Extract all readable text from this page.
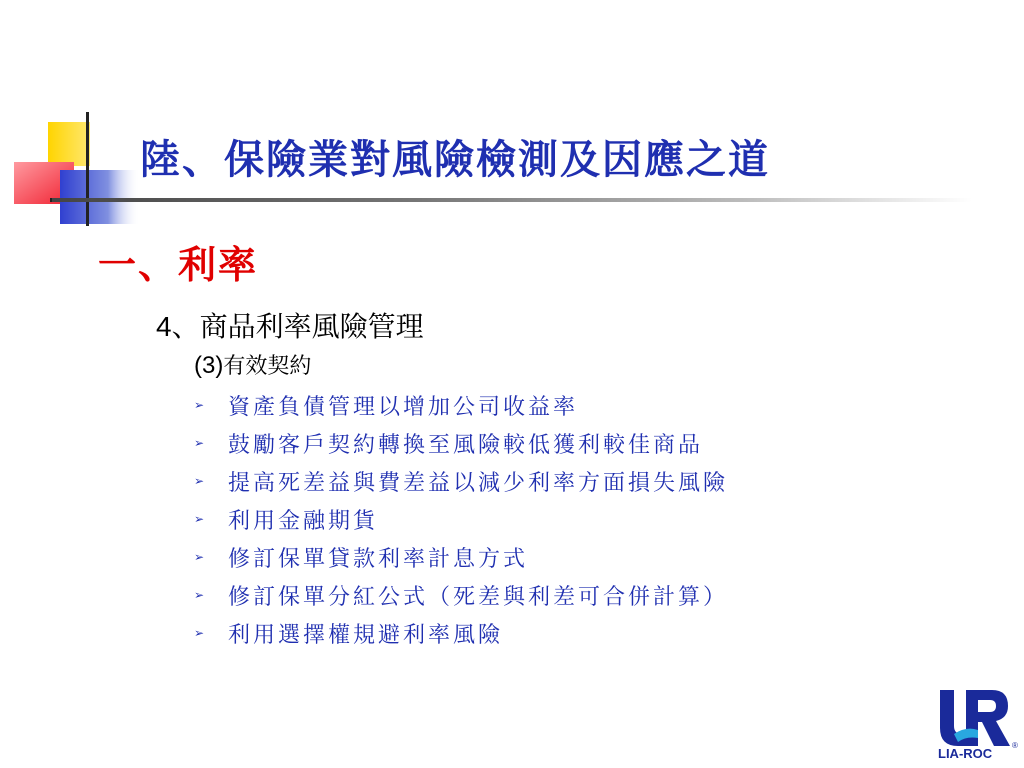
陸、保險業對風險檢測及因應之道
一、利率
4、商品利率風險管理
(3)有效契約
➢	資產負債管理以增加公司收益率
➢	鼓勵客戶契約轉換至風險較低獲利較佳商品
➢	提高死差益與費差益以減少利率方面損失風險
➢	利用金融期貨
➢	修訂保單貸款利率計息方式
➢	修訂保單分紅公式（死差與利差可合併計算）
➢	利用選擇權規避利率風險
®
LIA-ROC
